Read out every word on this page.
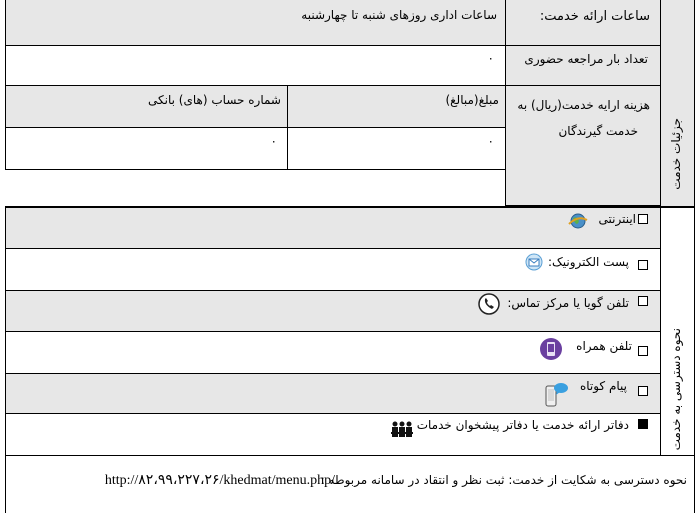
ساعات ارائه خدمت:
ساعات اداری روزهای شنبه تا چهارشنبه
تعداد بار مراجعه حضوری
۰
هزینه ارایه خدمت(ریال) به
خدمت گیرندگان
مبلغ(مبالغ)
۰
شماره حساب (های) بانکی
۰	جزئیات خدمت
نحوه دسترسی به خدمت
اینترنتی
پست الکترونیک:
تلفن گویا یا مرکز تماس:
تلفن همراه
پیام کوتاه
دفاتر ارائه خدمت یا دفاتر پیشخوان خدمات
نحوه دسترسی به شکایت از خدمت: ثبت نظر و انتقاد در سامانه مربوطه :
http://۸۲،۹۹،۲۲۷،۲۶/khedmat/menu.php/
